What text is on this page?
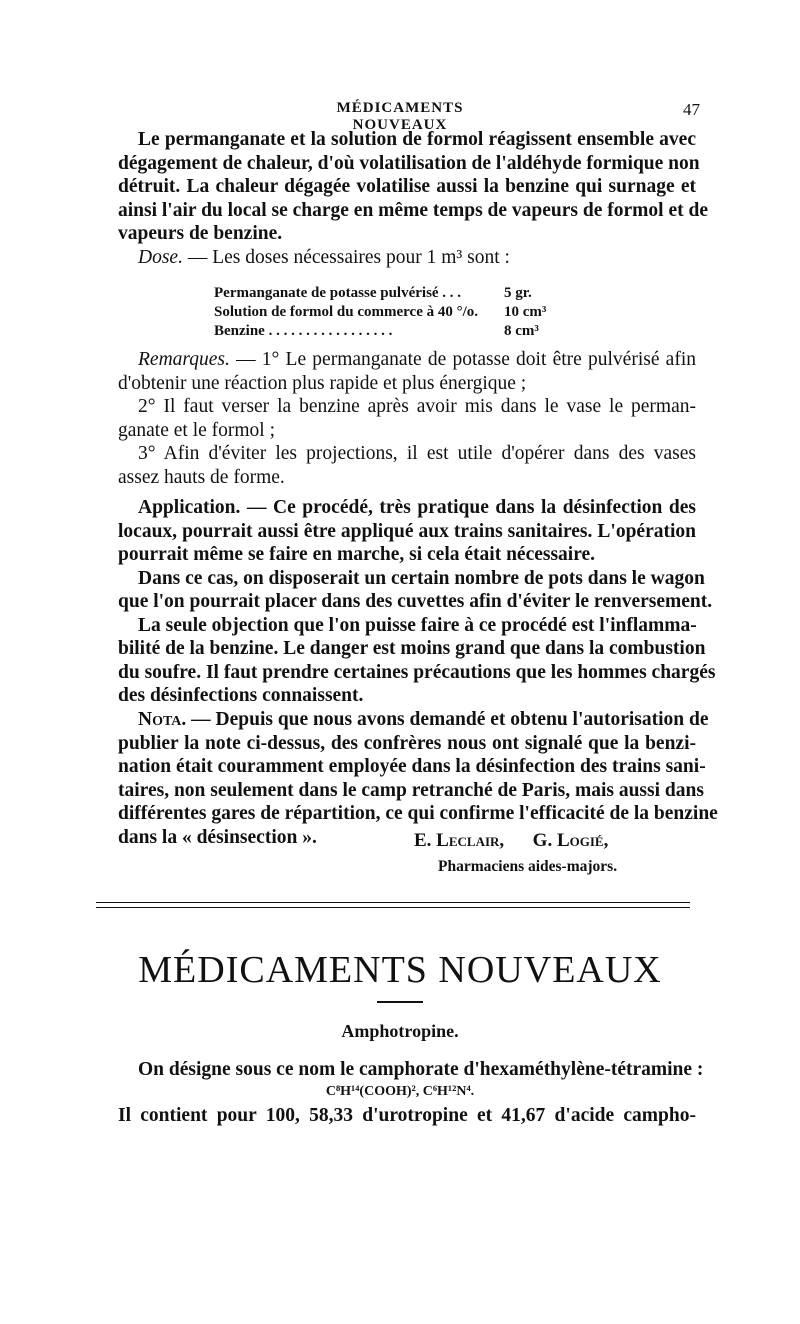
MÉDICAMENTS NOUVEAUX
47
Le permanganate et la solution de formol réagissent ensemble avec
dégagement de chaleur, d'où volatilisation de l'aldéhyde formique non
détruit. La chaleur dégagée volatilise aussi la benzine qui surnage et
ainsi l'air du local se charge en même temps de vapeurs de formol et de
vapeurs de benzine.
Dose. — Les doses nécessaires pour 1 m³ sont :
Permanganate de potasse pulvérisé . . .	5 gr.
Solution de formol du commerce à 40 °/o. 10 cm³
Benzine . . . . . . . . . . . . . . . . .	8 cm³
Remarques. — 1° Le permanganate de potasse doit être pulvérisé afin
d'obtenir une réaction plus rapide et plus énergique ;
2° Il faut verser la benzine après avoir mis dans le vase le perman-
ganate et le formol ;
3° Afin d'éviter les projections, il est utile d'opérer dans des vases
assez hauts de forme.
Application. — Ce procédé, très pratique dans la désinfection des
locaux, pourrait aussi être appliqué aux trains sanitaires. L'opération
pourrait même se faire en marche, si cela était nécessaire.
Dans ce cas, on disposerait un certain nombre de pots dans le wagon
que l'on pourrait placer dans des cuvettes afin d'éviter le renversement.
La seule objection que l'on puisse faire à ce procédé est l'inflamma-
bilité de la benzine. Le danger est moins grand que dans la combustion
du soufre. Il faut prendre certaines précautions que les hommes chargés
des désinfections connaissent.
Nota. — Depuis que nous avons demandé et obtenu l'autorisation de
publier la note ci-dessus, des confrères nous ont signalé que la benzi-
nation était couramment employée dans la désinfection des trains sani-
taires, non seulement dans le camp retranché de Paris, mais aussi dans
différentes gares de répartition, ce qui confirme l'efficacité de la benzine
dans la « désinsection ».	E. Leclair,      G. Logié,
Pharmaciens aides-majors.
MÉDICAMENTS NOUVEAUX
Amphotropine.
On désigne sous ce nom le camphorate d'hexaméthylène-tétramine :
C⁸H¹⁴(COOH)², C⁶H¹²N⁴.
Il contient pour 100, 58,33 d'urotropine et 41,67 d'acide campho-
